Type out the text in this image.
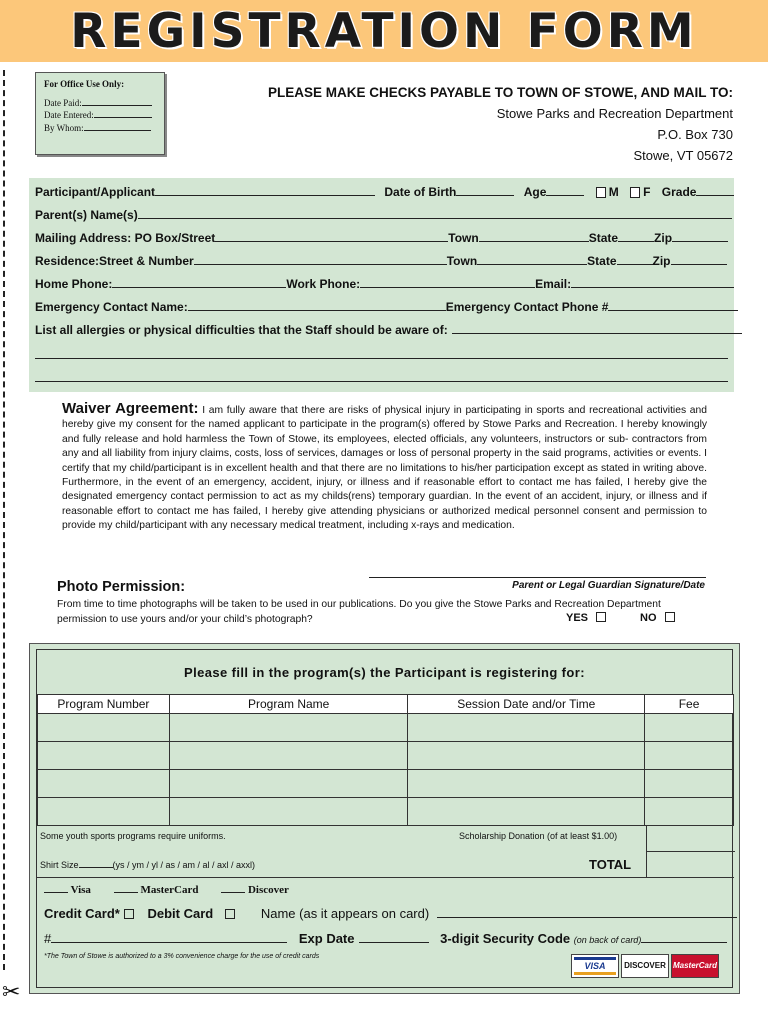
REGISTRATION FORM
✂
For Office Use Only:
Date Paid:
Date Entered:
By Whom:
PLEASE MAKE CHECKS PAYABLE TO TOWN OF STOWE, AND MAIL TO:
Stowe Parks and Recreation Department
P.O. Box 730
Stowe, VT 05672
Participant/Applicant	Date of Birth	Age	M F Grade
Parent(s) Name(s)
Mailing Address: PO Box/Street	Town	State	Zip
Residence:Street & Number	Town	State	Zip
Home Phone:	Work Phone:	Email:
Emergency Contact Name:	Emergency Contact Phone #
List all allergies or physical difficulties that the Staff should be aware of:
Waiver Agreement: I am fully aware that there are risks of physical injury in participating in sports and recreational activities and hereby give my consent for the named applicant to participate in the program(s) offered by Stowe Parks and Recreation. I hereby knowingly and fully release and hold harmless the Town of Stowe, its employees, elected officials, any volunteers, instructors or sub- contractors from any and all liability from injury claims, costs, loss of services, damages or loss of personal property in the said programs, activities or events. I certify that my child/participant is in excellent health and that there are no limitations to his/her participation except as stated in writing above. Furthermore, in the event of an emergency, accident, injury, or illness and if reasonable effort to contact me has failed, I hereby give the designated emergency contact permission to act as my childs(rens) temporary guardian. In the event of an accident, injury, or illness and if reasonable effort to contact me has failed, I hereby give attending physicians or authorized medical personnel consent and permission to provide my child/participant with any necessary medical treatment, including x-rays and medication.
Parent or Legal Guardian Signature/Date
Photo Permission:
From time to time photographs will be taken to be used in our publications. Do you give the Stowe Parks and Recreation Department permission to use yours and/or your child’s photograph?	YES	NO
Please fill in the program(s) the Participant is registering for:
Program Number	Program Name	Session Date and/or Time	Fee

Some youth sports programs require uniforms.	Scholarship Donation (of at least $1.00)
Shirt Size	(ys / ym / yl / as / am / al / axl / axxl)	TOTAL
Visa	MasterCard	Discover
Credit Card* Debit Card	Name (as it appears on card)
#	Exp Date	3-digit Security Code (on back of card)
*The Town of Stowe is authorized to a 3% convenience charge for the use of credit cards
VISA	DISCOVER MasterCard
